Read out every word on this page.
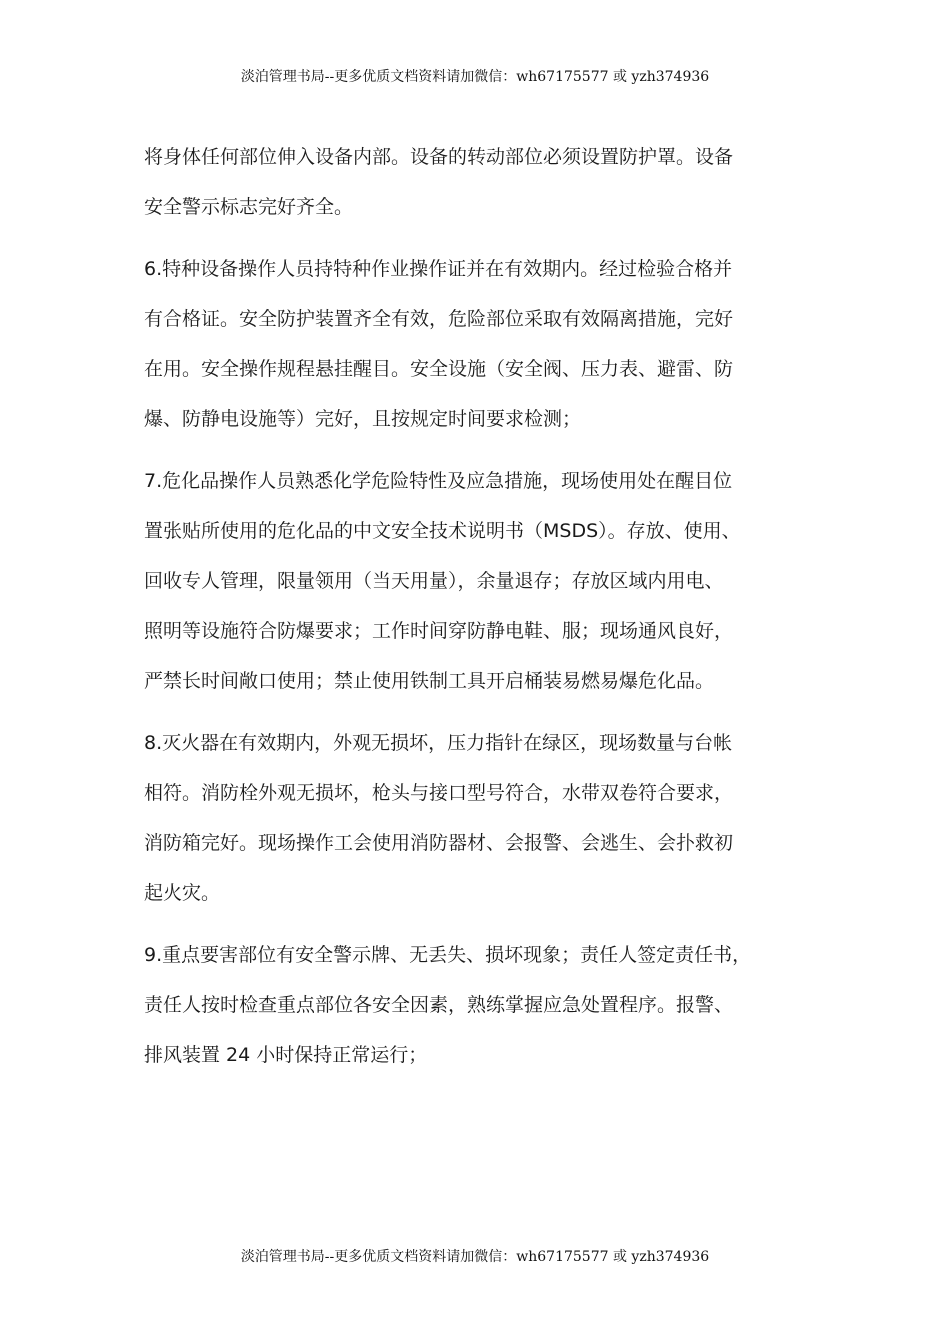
淡泊管理书局--更多优质文档资料请加微信：wh67175577 或 yzh374936

将身体任何部位伸入设备内部。设备的转动部位必须设置防护罩。设备
安全警示标志完好齐全。

6.特种设备操作人员持特种作业操作证并在有效期内。经过检验合格并
有合格证。安全防护装置齐全有效，危险部位采取有效隔离措施，完好
在用。安全操作规程悬挂醒目。安全设施（安全阀、压力表、避雷、防
爆、防静电设施等）完好，且按规定时间要求检测；

7.危化品操作人员熟悉化学危险特性及应急措施，现场使用处在醒目位
置张贴所使用的危化品的中文安全技术说明书（MSDS）。存放、使用、
回收专人管理，限量领用（当天用量），余量退存；存放区域内用电、
照明等设施符合防爆要求；工作时间穿防静电鞋、服；现场通风良好，
严禁长时间敞口使用；禁止使用铁制工具开启桶装易燃易爆危化品。

8.灭火器在有效期内，外观无损坏，压力指针在绿区，现场数量与台帐
相符。消防栓外观无损坏，枪头与接口型号符合，水带双卷符合要求，
消防箱完好。现场操作工会使用消防器材、会报警、会逃生、会扑救初
起火灾。

9.重点要害部位有安全警示牌、无丢失、损坏现象；责任人签定责任书，
责任人按时检查重点部位各安全因素，熟练掌握应急处置程序。报警、
排风装置 24 小时保持正常运行；

淡泊管理书局--更多优质文档资料请加微信：wh67175577 或 yzh374936
